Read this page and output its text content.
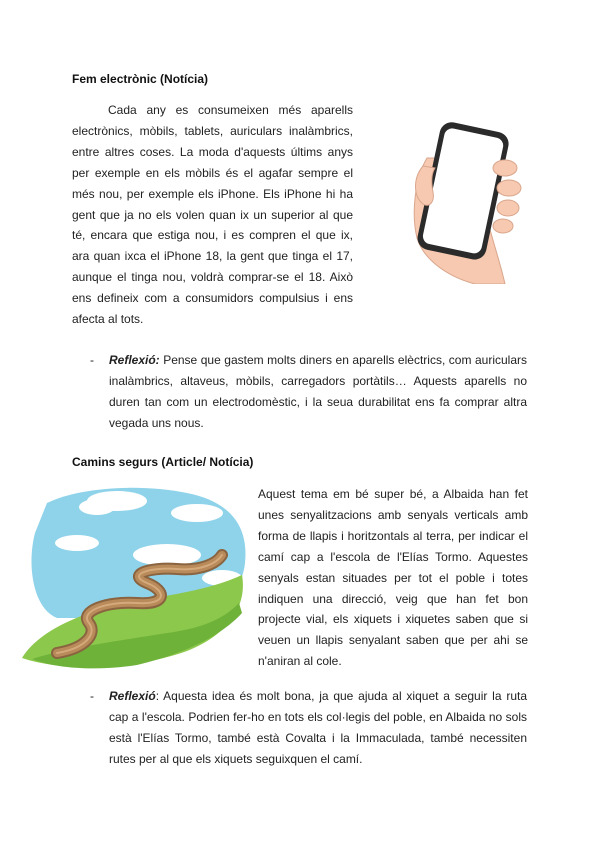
Fem electrònic (Notícia)

Cada any es consumeixen més aparells electrònics, mòbils, tablets, auriculars inalàmbrics, entre altres coses. La moda d'aquests últims anys per exemple en els mòbils és el agafar sempre el més nou, per exemple els iPhone. Els iPhone hi ha gent que ja no els volen quan ix un superior al que té, encara que estiga nou, i es compren el que ix, ara quan ixca el iPhone 18, la gent que tinga el 17, aunque el tinga nou, voldrà comprar-se el 18. Això ens defineix com a consumidors compulsius i ens afecta al tots.

- Reflexió: Pense que gastem molts diners en aparells elèctrics, com auriculars inalàmbrics, altaveus, mòbils, carregadors portàtils… Aquests aparells no duren tan com un electrodomèstic, i la seua durabilitat ens fa comprar altra vegada uns nous.

Camins segurs (Article/ Notícia)

Aquest tema em bé super bé, a Albaida han fet unes senyalitzacions amb senyals verticals amb forma de llapis i horitzontals al terra, per indicar el camí cap a l'escola de l'Elías Tormo. Aquestes senyals estan situades per tot el poble i totes indiquen una direcció, veig que han fet bon projecte vial, els xiquets i xiquetes saben que si veuen un llapis senyalant saben que per ahi se n'aniran al cole.

- Reflexió: Aquesta idea és molt bona, ja que ajuda al xiquet a seguir la ruta cap a l'escola. Podrien fer-ho en tots els col·legis del poble, en Albaida no sols està l'Elías Tormo, també està Covalta i la Immaculada, també necessiten rutes per al que els xiquets seguixquen el camí.
